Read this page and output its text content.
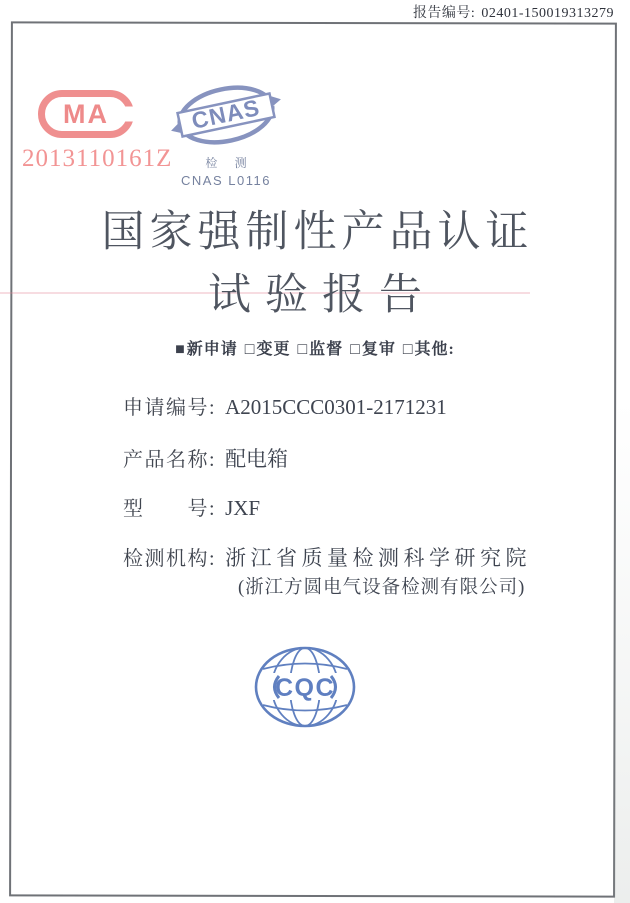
报告编号: 02401-150019313279
MA
2013110161Z
CNAS
检 测
CNAS L0116
国家强制性产品认证
试验报告
■新申请 □变更 □监督 □复审 □其他:
申请编号: A2015CCC0301-2171231
产品名称: 配电箱
型　　号: JXF
检测机构: 浙江省质量检测科学研究院
(浙江方圆电气设备检测有限公司)
CQC
